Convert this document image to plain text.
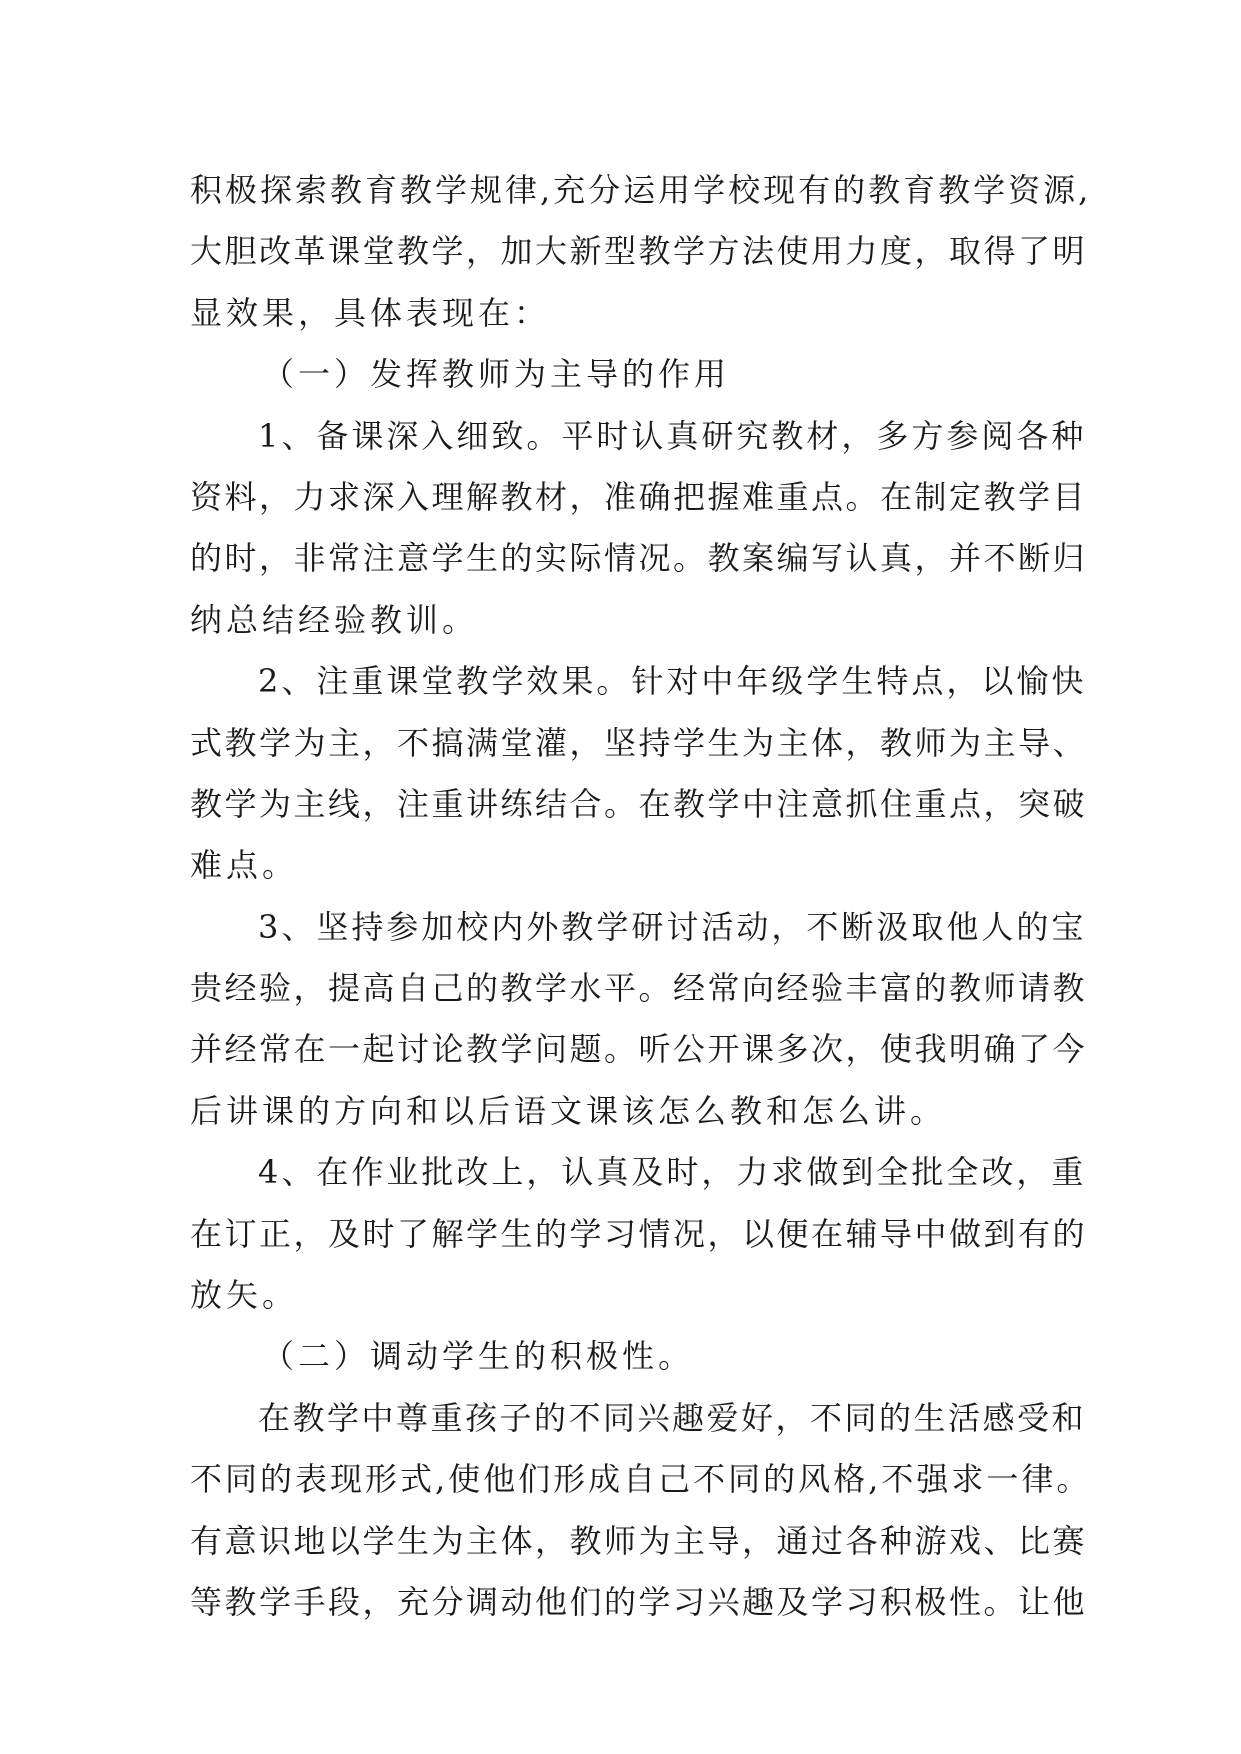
积极探索教育教学规律,充分运用学校现有的教育教学资源,
大胆改革课堂教学，加大新型教学方法使用力度，取得了明
显效果，具体表现在：
（一）发挥教师为主导的作用
1、备课深入细致。平时认真研究教材，多方参阅各种
资料，力求深入理解教材，准确把握难重点。在制定教学目
的时，非常注意学生的实际情况。教案编写认真，并不断归
纳总结经验教训。
2、注重课堂教学效果。针对中年级学生特点，以愉快
式教学为主，不搞满堂灌，坚持学生为主体，教师为主导、
教学为主线，注重讲练结合。在教学中注意抓住重点，突破
难点。
3、坚持参加校内外教学研讨活动，不断汲取他人的宝
贵经验，提高自己的教学水平。经常向经验丰富的教师请教
并经常在一起讨论教学问题。听公开课多次，使我明确了今
后讲课的方向和以后语文课该怎么教和怎么讲。
4、在作业批改上，认真及时，力求做到全批全改，重
在订正，及时了解学生的学习情况，以便在辅导中做到有的
放矢。
（二）调动学生的积极性。
在教学中尊重孩子的不同兴趣爱好，不同的生活感受和
不同的表现形式,使他们形成自己不同的风格,不强求一律。
有意识地以学生为主体，教师为主导，通过各种游戏、比赛
等教学手段，充分调动他们的学习兴趣及学习积极性。让他
